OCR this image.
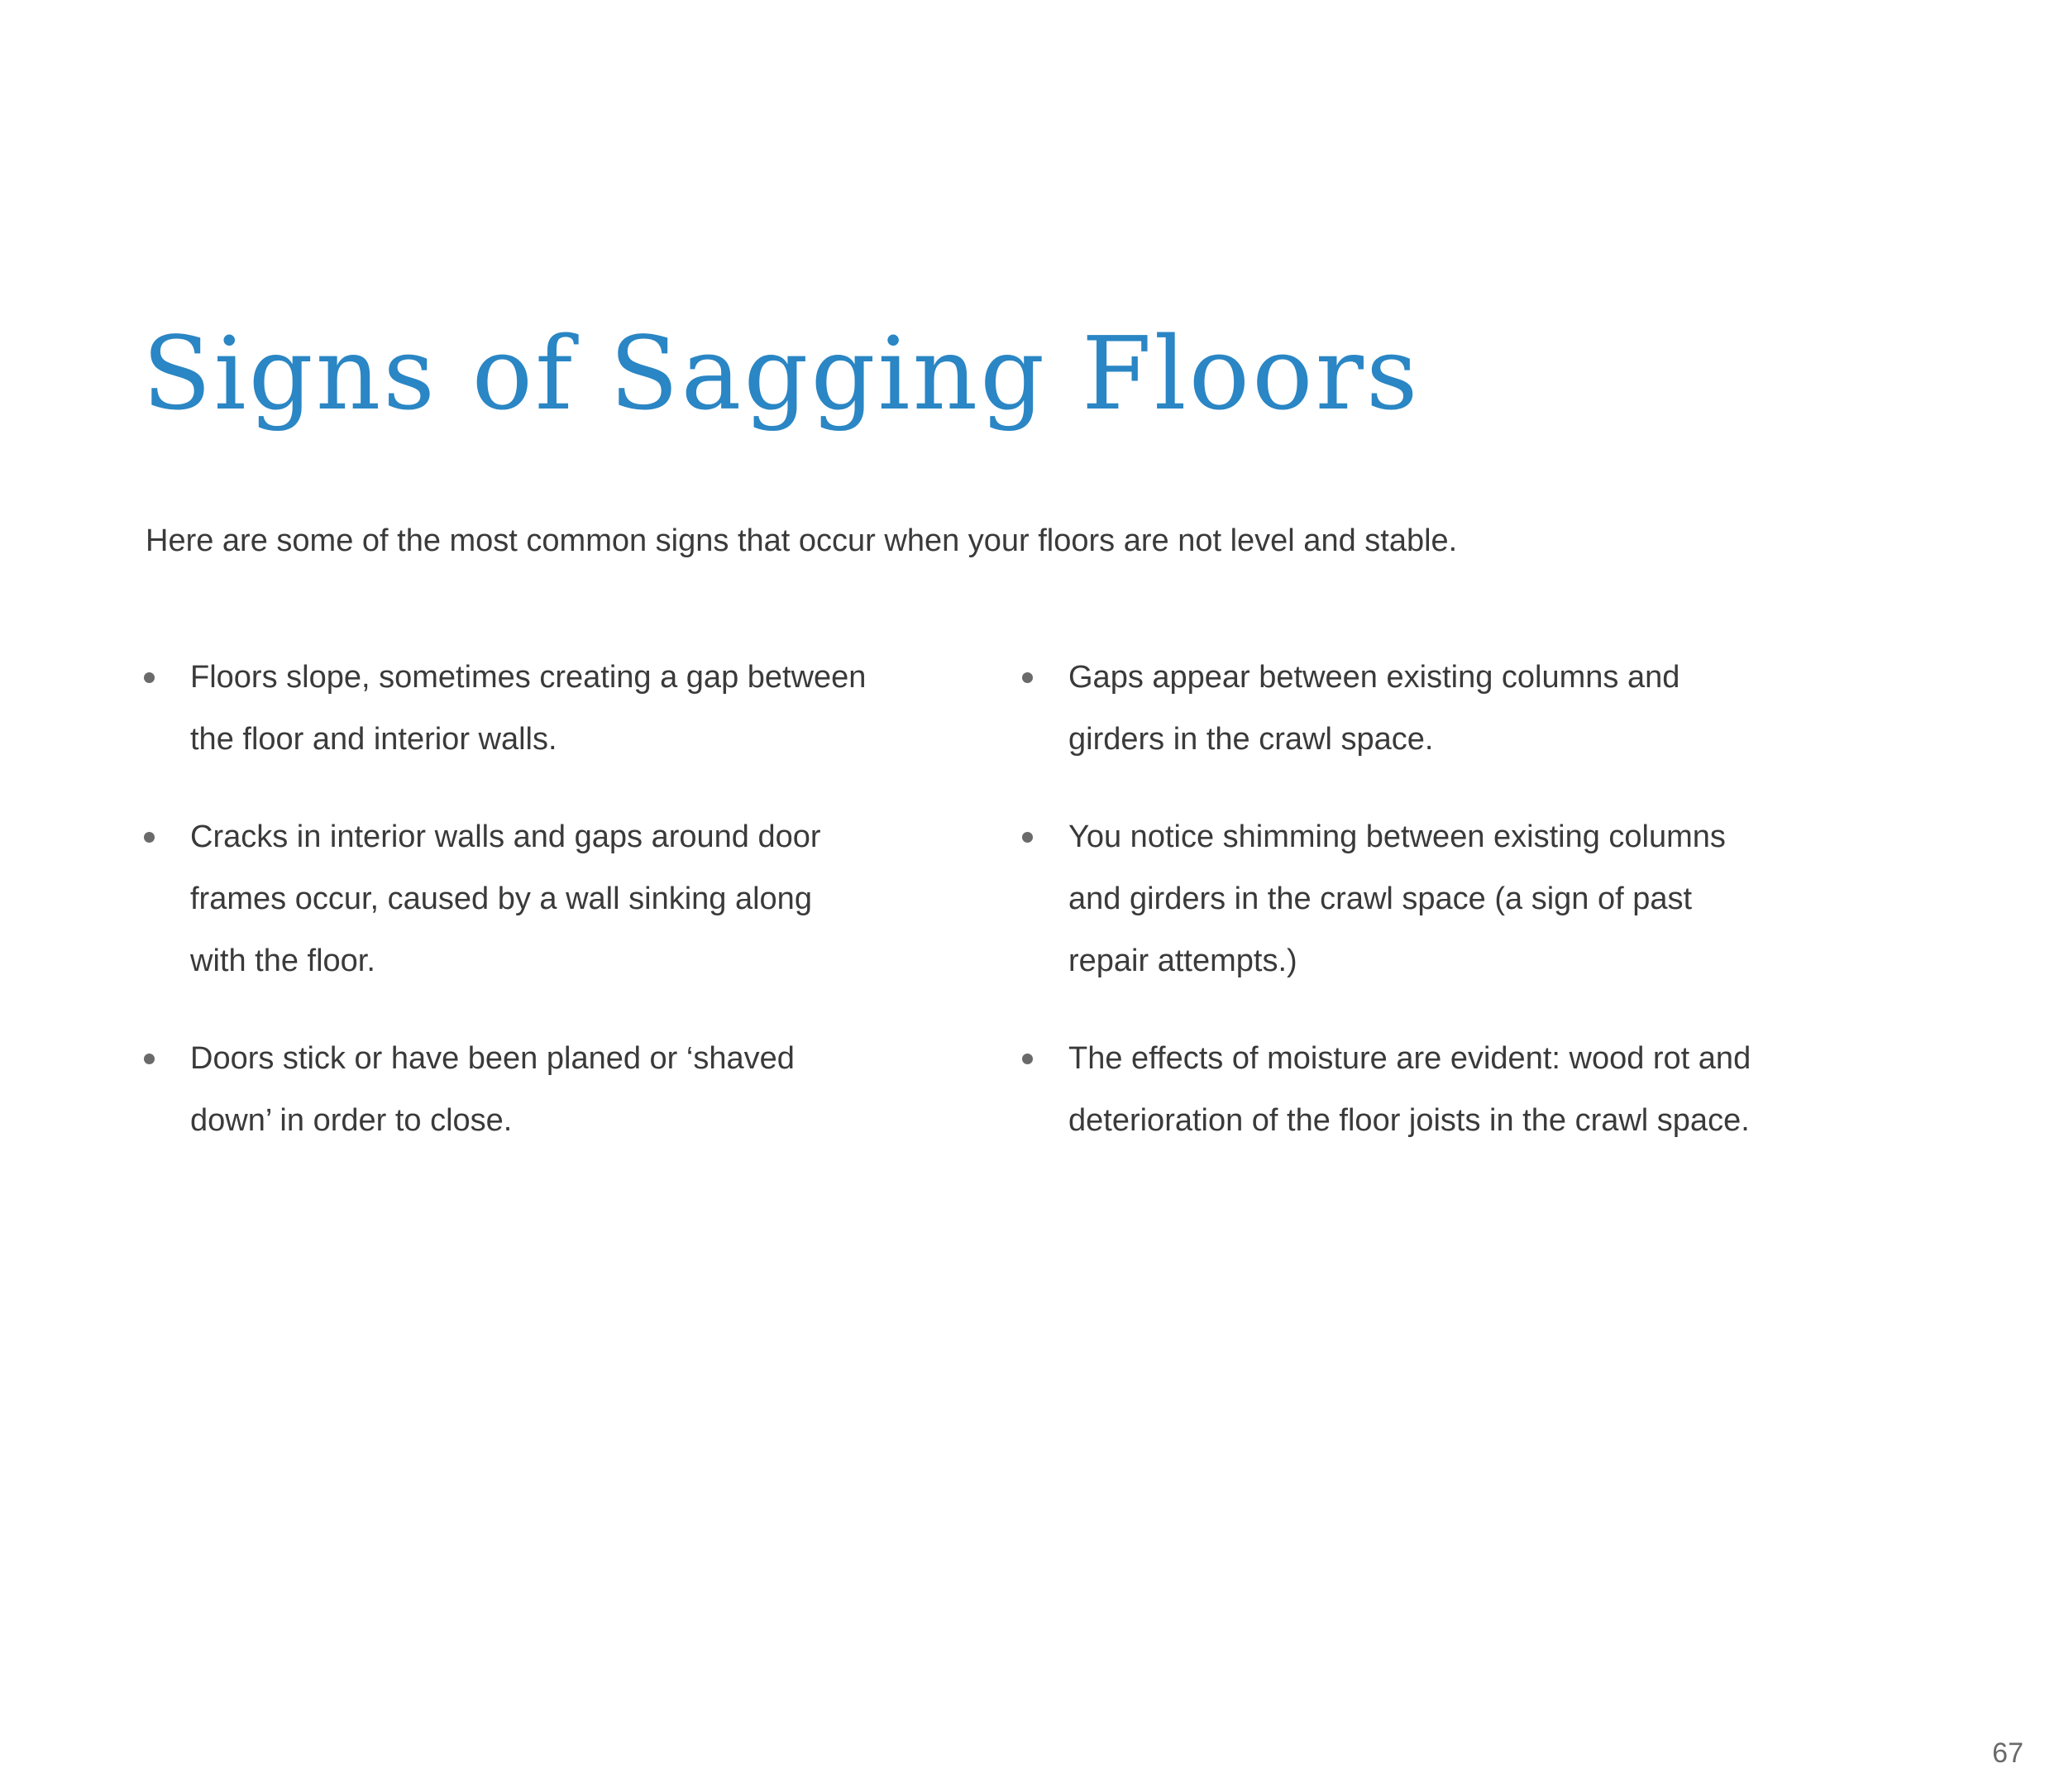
Signs of Sagging Floors

Here are some of the most common signs that occur when your floors are not level and stable.

Floors slope, sometimes creating a gap between
the floor and interior walls.
Cracks in interior walls and gaps around door
frames occur, caused by a wall sinking along
with the floor.
Doors stick or have been planed or ‘shaved
down’ in order to close.
Gaps appear between existing columns and
girders in the crawl space.
You notice shimming between existing columns
and girders in the crawl space (a sign of past
repair attempts.)
The effects of moisture are evident: wood rot and
deterioration of the floor joists in the crawl space.
67
